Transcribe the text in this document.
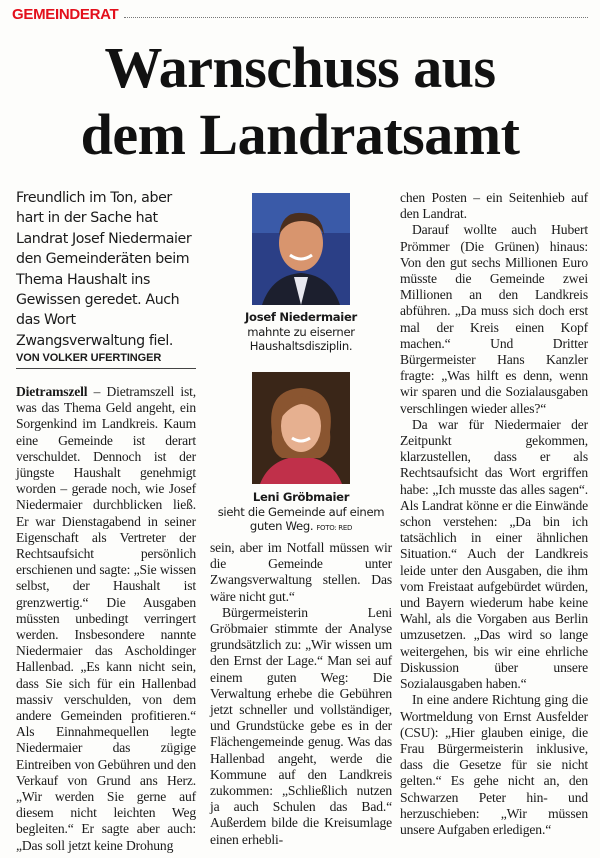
GEMEINDERAT
Warnschuss aus
dem Landratsamt
Freundlich im Ton, aber hart in der Sache hat Landrat Josef Niedermaier den Gemeinderäten beim Thema Haushalt ins Gewissen geredet. Auch das Wort Zwangsverwaltung fiel.
VON VOLKER UFERTINGER

Dietramszell – Dietramszell ist, was das Thema Geld angeht, ein Sorgenkind im Landkreis. Kaum eine Gemeinde ist derart verschuldet. Dennoch ist der jüngste Haushalt genehmigt worden – gerade noch, wie Josef Niedermaier durchblicken ließ. Er war Dienstagabend in seiner Eigenschaft als Vertreter der Rechtsaufsicht persönlich erschienen und sagte: „Sie wissen selbst, der Haushalt ist grenzwertig.“ Die Ausgaben müssten unbedingt verringert werden. Insbesondere nannte Niedermaier das Ascholdinger Hallenbad. „Es kann nicht sein, dass Sie sich für ein Hallenbad massiv verschulden, von dem andere Gemeinden profitieren.“ Als Einnahmequellen legte Niedermaier das zügige Eintreiben von Gebühren und den Verkauf von Grund ans Herz. „Wir werden Sie gerne auf diesem nicht leichten Weg begleiten.“ Er sagte aber auch: „Das soll jetzt keine Drohung

Josef Niedermaier
mahnte zu eiserner Haushaltsdisziplin.
Leni Gröbmaier
sieht die Gemeinde auf einem guten Weg. FOTO: RED

sein, aber im Notfall müssen wir die Gemeinde unter Zwangsverwaltung stellen. Das wäre nicht gut.“

Bürgermeisterin Leni Gröbmaier stimmte der Analyse grundsätzlich zu: „Wir wissen um den Ernst der Lage.“ Man sei auf einem guten Weg: Die Verwaltung erhebe die Gebühren jetzt schneller und vollständiger, und Grundstücke gebe es in der Flächengemeinde genug. Was das Hallenbad angeht, werde die Kommune auf den Landkreis zukommen: „Schließlich nutzen ja auch Schulen das Bad.“ Außerdem bilde die Kreisumlage einen erhebli-

chen Posten – ein Seitenhieb auf den Landrat.

Darauf wollte auch Hubert Prömmer (Die Grünen) hinaus: Von den gut sechs Millionen Euro müsste die Gemeinde zwei Millionen an den Landkreis abführen. „Da muss sich doch erst mal der Kreis einen Kopf machen.“ Und Dritter Bürgermeister Hans Kanzler fragte: „Was hilft es denn, wenn wir sparen und die Sozialausgaben verschlingen wieder alles?“

Da war für Niedermaier der Zeitpunkt gekommen, klarzustellen, dass er als Rechtsaufsicht das Wort ergriffen habe: „Ich musste das alles sagen“. Als Landrat könne er die Einwände schon verstehen: „Da bin ich tatsächlich in einer ähnlichen Situation.“ Auch der Landkreis leide unter den Ausgaben, die ihm vom Freistaat aufgebürdet würden, und Bayern wiederum habe keine Wahl, als die Vorgaben aus Berlin umzusetzen. „Das wird so lange weitergehen, bis wir eine ehrliche Diskussion über unsere Sozialausgaben haben.“

In eine andere Richtung ging die Wortmeldung von Ernst Ausfelder (CSU): „Hier glauben einige, die Frau Bürgermeisterin inklusive, dass die Gesetze für sie nicht gelten.“ Es gehe nicht an, den Schwarzen Peter hin- und herzuschieben: „Wir müssen unsere Aufgaben erledigen.“
